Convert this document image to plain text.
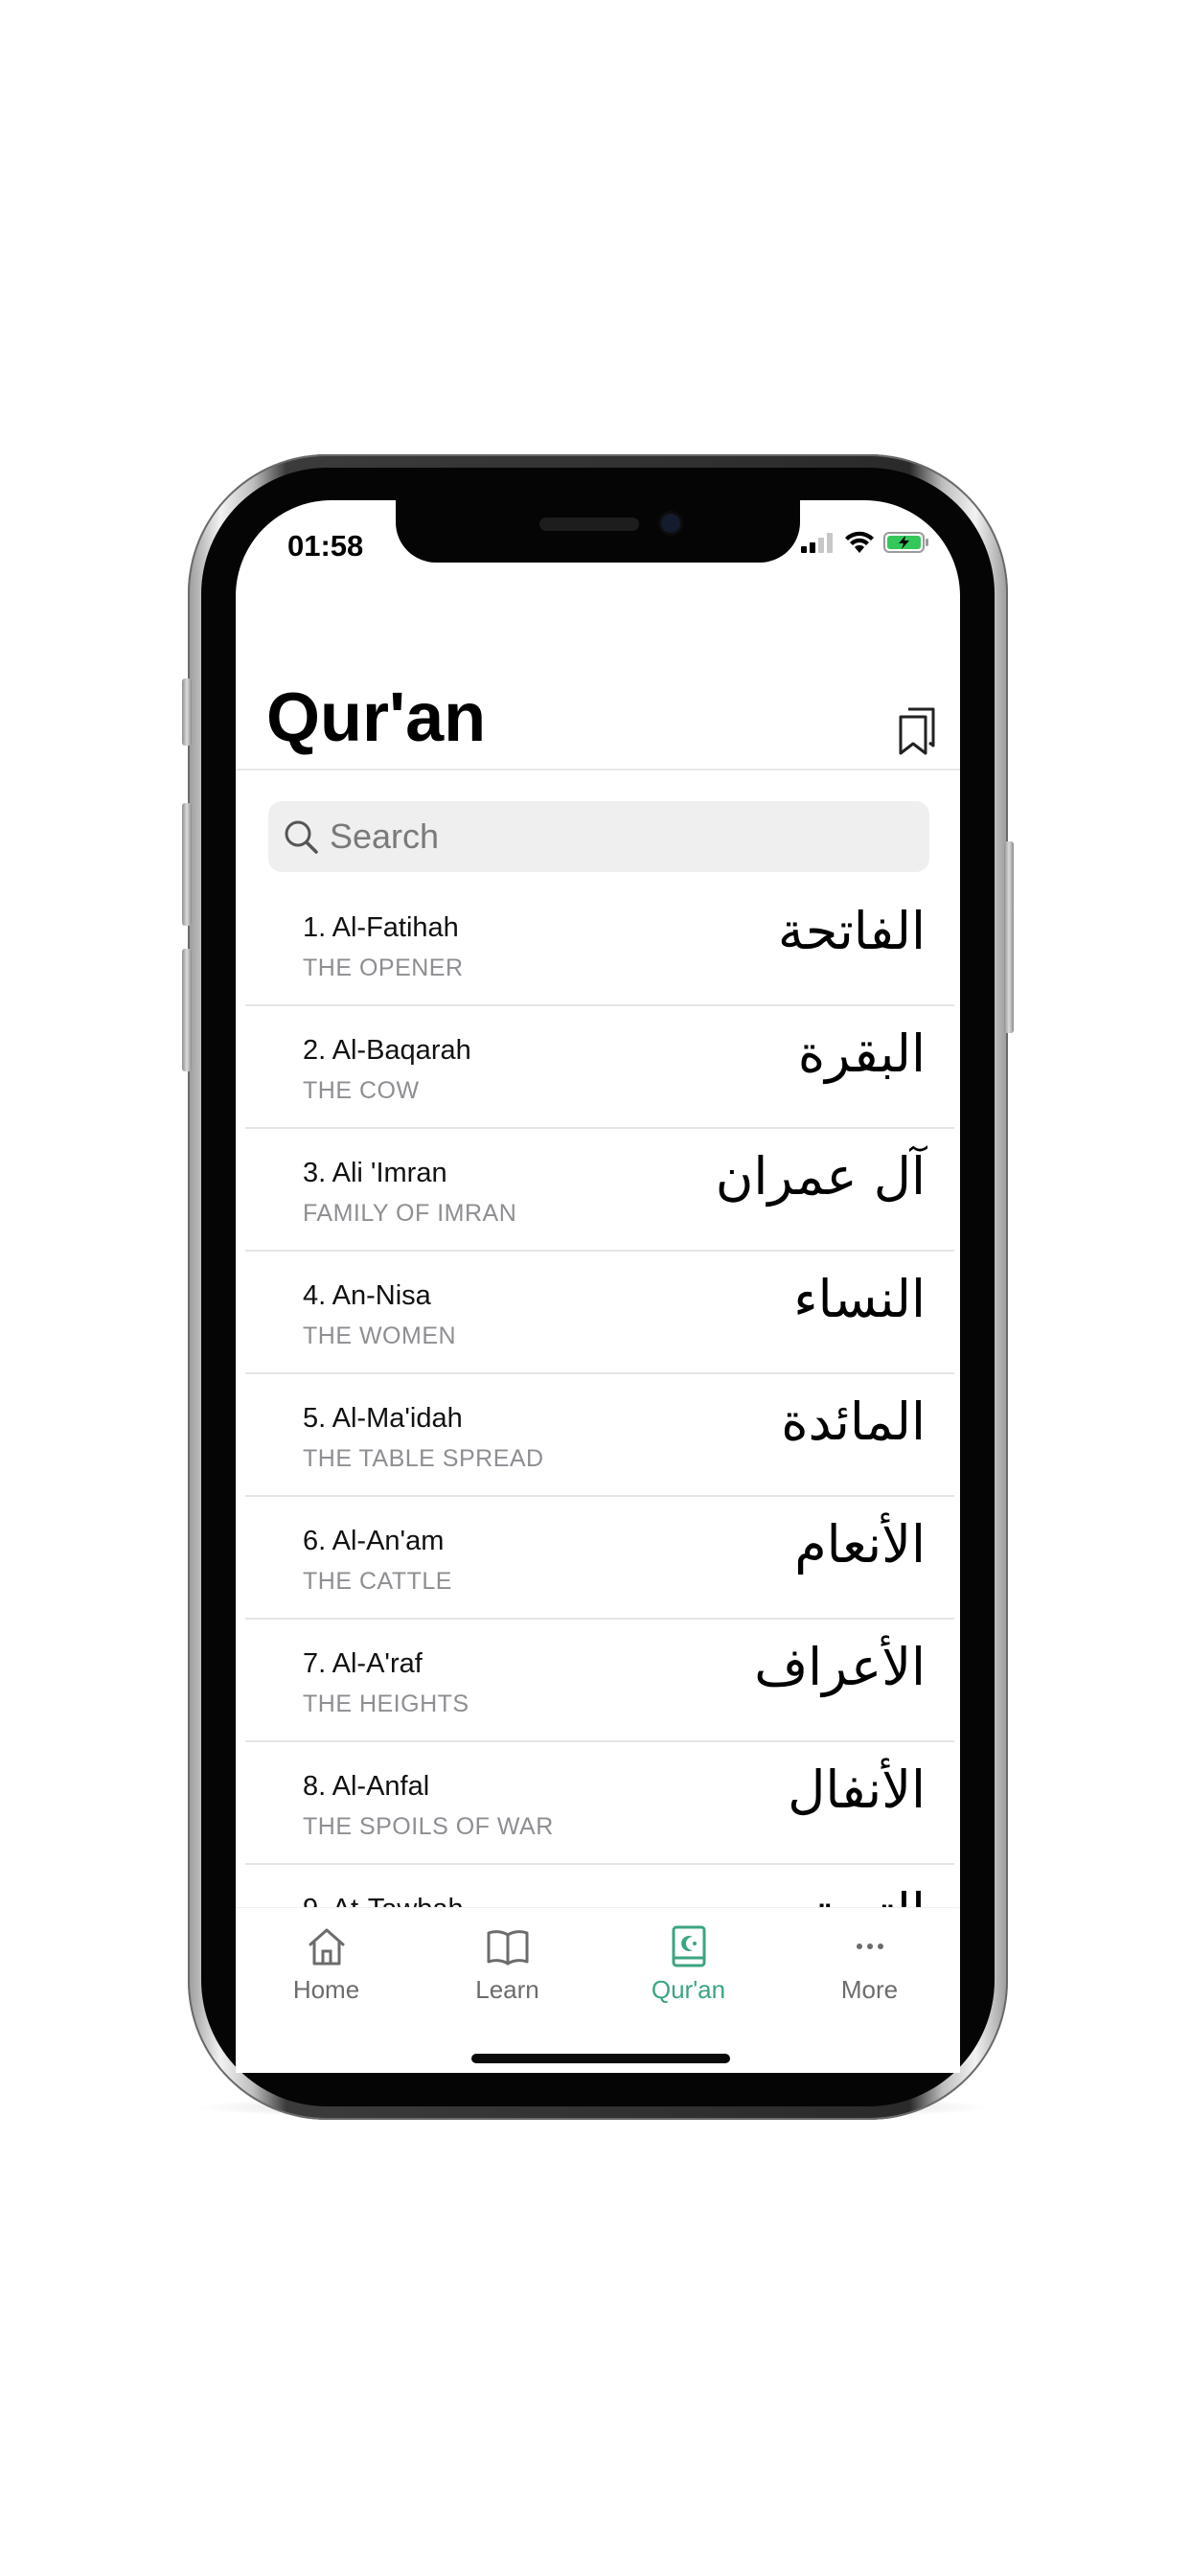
01:58
Qur'an
Search
1. Al-Fatihah
THE OPENER
الفاتحة
2. Al-Baqarah
THE COW
البقرة
3. Ali 'Imran
FAMILY OF IMRAN
آل عمران
4. An-Nisa
THE WOMEN
النساء
5. Al-Ma'idah
THE TABLE SPREAD
المائدة
6. Al-An'am
THE CATTLE
الأنعام
7. Al-A'raf
THE HEIGHTS
الأعراف
8. Al-Anfal
THE SPOILS OF WAR
الأنفال
Home	Learn	Qur'an	More
